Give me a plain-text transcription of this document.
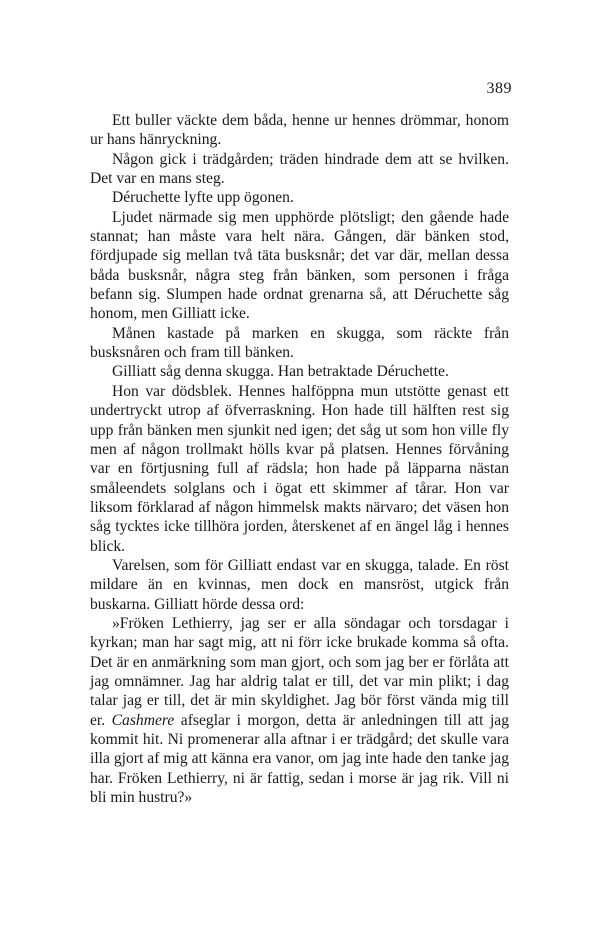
389

Ett buller väckte dem båda, henne ur hennes drömmar, honom ur hans hänryckning.

Någon gick i trädgården; träden hindrade dem att se hvilken. Det var en mans steg.

Déruchette lyfte upp ögonen.

Ljudet närmade sig men upphörde plötsligt; den gående hade stannat; han måste vara helt nära. Gången, där bänken stod, fördjupade sig mellan två täta busksnår; det var där, mellan dessa båda busksnår, några steg från bänken, som personen i fråga befann sig. Slumpen hade ordnat grenarna så, att Déruchette såg honom, men Gilliatt icke.

Månen kastade på marken en skugga, som räckte från busksnåren och fram till bänken.

Gilliatt såg denna skugga. Han betraktade Déruchette.

Hon var dödsblek. Hennes halföppna mun utstötte genast ett undertryckt utrop af öfverraskning. Hon hade till hälften rest sig upp från bänken men sjunkit ned igen; det såg ut som hon ville fly men af någon trollmakt hölls kvar på platsen. Hennes förvåning var en förtjusning full af rädsla; hon hade på läpparna nästan småleendets solglans och i ögat ett skimmer af tårar. Hon var liksom förklarad af någon himmelsk makts närvaro; det väsen hon såg tycktes icke tillhöra jorden, återskenet af en ängel låg i hennes blick.

Varelsen, som för Gilliatt endast var en skugga, talade. En röst mildare än en kvinnas, men dock en mansröst, utgick från buskarna. Gilliatt hörde dessa ord:

»Fröken Lethierry, jag ser er alla söndagar och torsdagar i kyrkan; man har sagt mig, att ni förr icke brukade komma så ofta. Det är en anmärkning som man gjort, och som jag ber er förlåta att jag omnämner. Jag har aldrig talat er till, det var min plikt; i dag talar jag er till, det är min skyldighet. Jag bör först vända mig till er. Cashmere afseglar i morgon, detta är anledningen till att jag kommit hit. Ni promenerar alla aftnar i er trädgård; det skulle vara illa gjort af mig att känna era vanor, om jag inte hade den tanke jag har. Fröken Lethierry, ni är fattig, sedan i morse är jag rik. Vill ni bli min hustru?»
